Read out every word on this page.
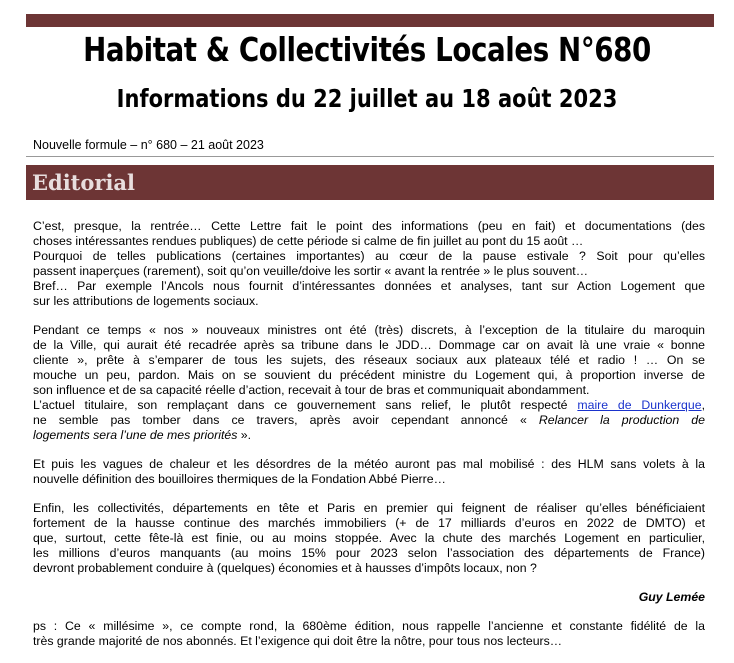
Habitat & Collectivités Locales N°680
Informations du 22 juillet au 18 août 2023
Nouvelle formule – n° 680 – 21 août 2023
Editorial

C’est, presque, la rentrée… Cette Lettre fait le point des informations (peu en fait) et documentations (des
choses intéressantes rendues publiques) de cette période si calme de fin juillet au pont du 15 août …
Pourquoi de telles publications (certaines importantes) au cœur de la pause estivale ? Soit pour qu’elles
passent inaperçues (rarement), soit qu’on veuille/doive les sortir « avant la rentrée » le plus souvent…
Bref… Par exemple l’Ancols nous fournit d’intéressantes données et analyses, tant sur Action Logement que
sur les attributions de logements sociaux.

Pendant ce temps « nos » nouveaux ministres ont été (très) discrets, à l’exception de la titulaire du maroquin
de la Ville, qui aurait été recadrée après sa tribune dans le JDD… Dommage car on avait là une vraie « bonne
cliente », prête à s’emparer de tous les sujets, des réseaux sociaux aux plateaux télé et radio ! … On se
mouche un peu, pardon. Mais on se souvient du précédent ministre du Logement qui, à proportion inverse de
son influence et de sa capacité réelle d’action, recevait à tour de bras et communiquait abondamment.
L’actuel titulaire, son remplaçant dans ce gouvernement sans relief, le plutôt respecté maire de Dunkerque,
ne semble pas tomber dans ce travers, après avoir cependant annoncé « Relancer la production de
logements sera l’une de mes priorités ».

Et puis les vagues de chaleur et les désordres de la météo auront pas mal mobilisé : des HLM sans volets à la
nouvelle définition des bouilloires thermiques de la Fondation Abbé Pierre…

Enfin, les collectivités, départements en tête et Paris en premier qui feignent de réaliser qu’elles bénéficiaient
fortement de la hausse continue des marchés immobiliers (+ de 17 milliards d’euros en 2022 de DMTO) et
que, surtout, cette fête-là est finie, ou au moins stoppée. Avec la chute des marchés Logement en particulier,
les millions d’euros manquants (au moins 15% pour 2023 selon l’association des départements de France)
devront probablement conduire à (quelques) économies et à hausses d’impôts locaux, non ?

Guy Lemée

ps : Ce « millésime », ce compte rond, la 680ème édition, nous rappelle l’ancienne et constante fidélité de la
très grande majorité de nos abonnés. Et l’exigence qui doit être la nôtre, pour tous nos lecteurs…
